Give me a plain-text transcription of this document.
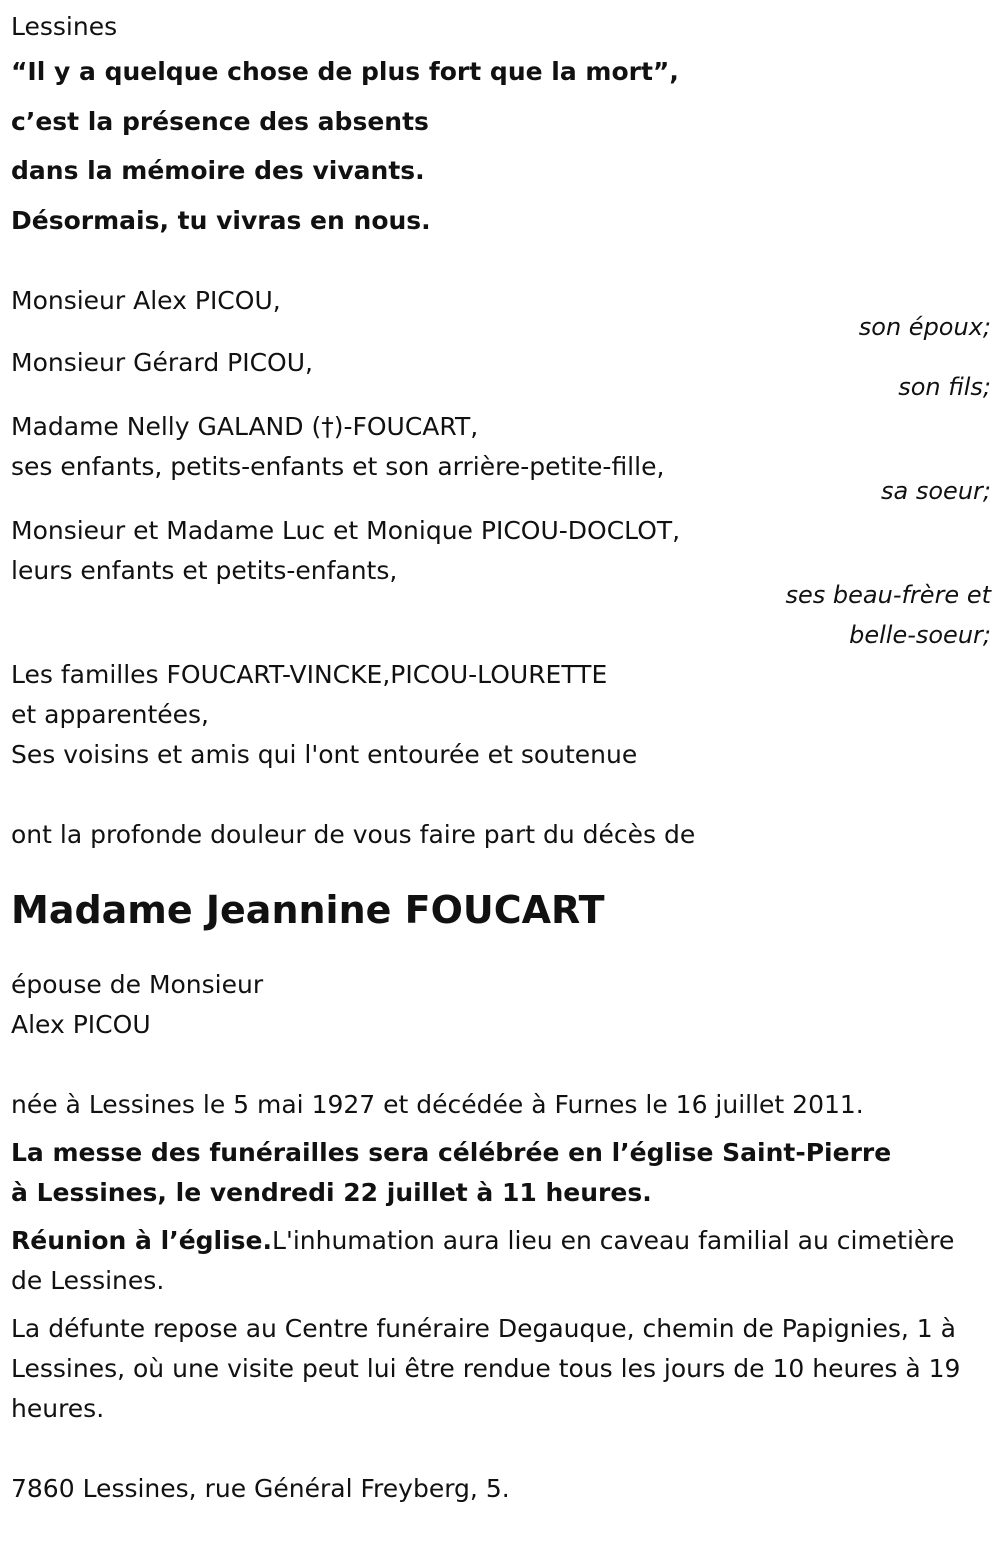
Lessines

“Il y a quelque chose de plus fort que la mort”,

c’est la présence des absents

dans la mémoire des vivants.

Désormais, tu vivras en nous.

Monsieur Alex PICOU,

son époux;

Monsieur Gérard PICOU,

son fils;

Madame Nelly GALAND (†)-FOUCART,

ses enfants, petits-enfants et son arrière-petite-fille,

sa soeur;

Monsieur et Madame Luc et Monique PICOU-DOCLOT,

leurs enfants et petits-enfants,

ses beau-frère et
belle-soeur;

Les familles FOUCART-VINCKE,PICOU-LOURETTE

et apparentées,

Ses voisins et amis qui l'ont entourée et soutenue

ont la profonde douleur de vous faire part du décès de

Madame Jeannine FOUCART

épouse de Monsieur

Alex PICOU

née à Lessines le 5 mai 1927 et décédée à Furnes le 16 juillet 2011.

La messe des funérailles sera célébrée en l’église Saint-Pierre à Lessines, le vendredi 22 juillet à 11 heures.

Réunion à l’église.L'inhumation aura lieu en caveau familial au cimetière de Lessines.

La défunte repose au Centre funéraire Degauque, chemin de Papignies, 1 à Lessines, où une visite peut lui être rendue tous les jours de 10 heures à 19 heures.

7860 Lessines, rue Général Freyberg, 5.
